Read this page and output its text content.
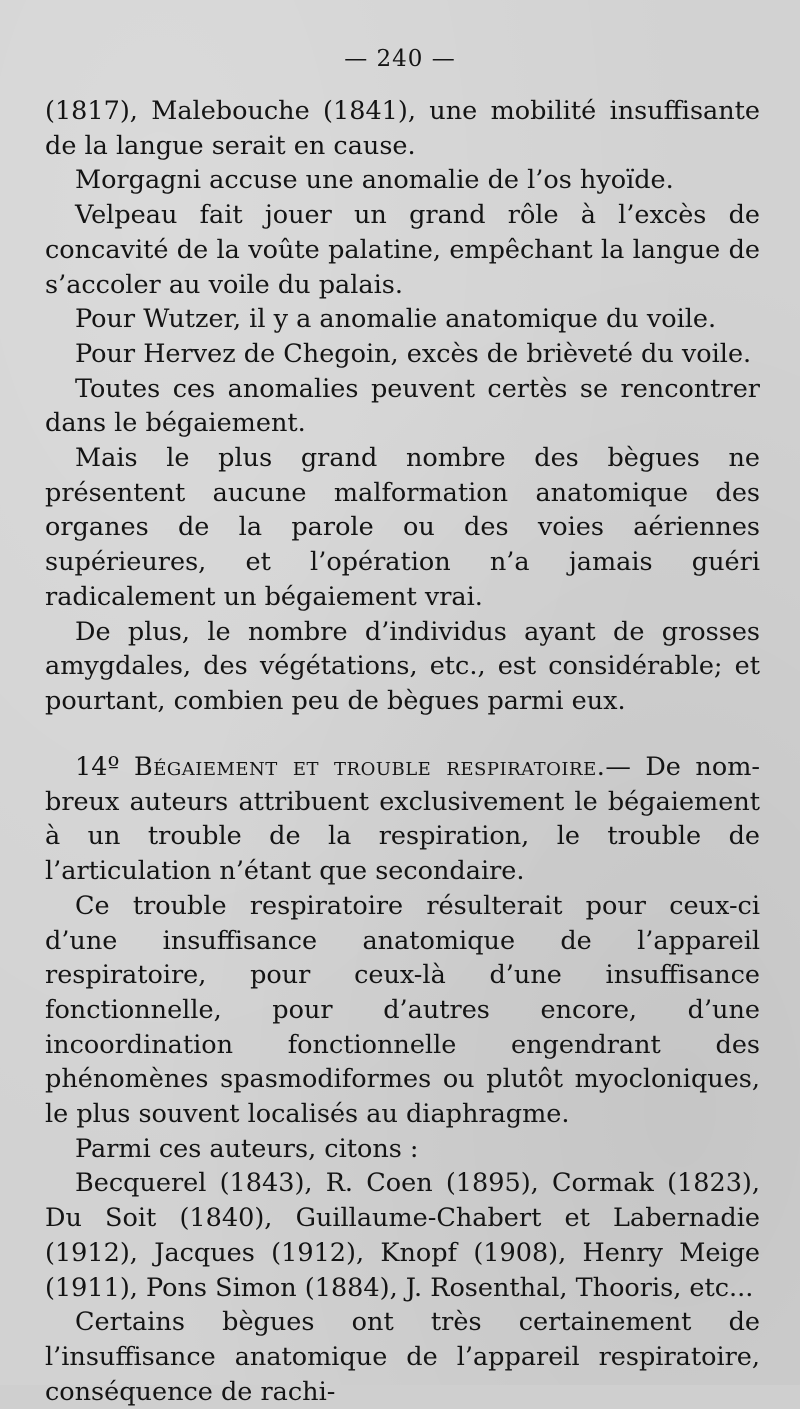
— 240 —

(1817), Malebouche (1841), une mobilité insuffisante de la langue serait en cause.

Morgagni accuse une anomalie de l’os hyoïde.

Velpeau fait jouer un grand rôle à l’excès de concavité de la voûte palatine, empêchant la langue de s’accoler au voile du palais.

Pour Wutzer, il y a anomalie anatomique du voile.

Pour Hervez de Chegoin, excès de brièveté du voile.

Toutes ces anomalies peuvent certès se rencontrer dans le bégaiement.

Mais le plus grand nombre des bègues ne présentent aucune malformation anatomique des organes de la parole ou des voies aériennes supérieures, et l’opération n’a jamais guéri radicalement un bégaiement vrai.

De plus, le nombre d’individus ayant de grosses amygdales, des végétations, etc., est considérable; et pourtant, combien peu de bègues parmi eux.

14º Bégaiement et trouble respiratoire.— De nombreux auteurs attribuent exclusivement le bégaiement à un trouble de la respiration, le trouble de l’articulation n’étant que secondaire.

Ce trouble respiratoire résulterait pour ceux-ci d’une insuffisance anatomique de l’appareil respiratoire, pour ceux-là d’une insuffisance fonctionnelle, pour d’autres encore, d’une incoordination fonctionnelle engendrant des phénomènes spasmodiformes ou plutôt myocloniques, le plus souvent localisés au diaphragme.

Parmi ces auteurs, citons :

Becquerel (1843), R. Coen (1895), Cormak (1823), Du Soit (1840), Guillaume-Chabert et Labernadie (1912), Jacques (1912), Knopf (1908), Henry Meige (1911), Pons Simon (1884), J. Rosenthal, Thooris, etc...

Certains bègues ont très certainement de l’insuffisance anatomique de l’appareil respiratoire, conséquence de rachi-
